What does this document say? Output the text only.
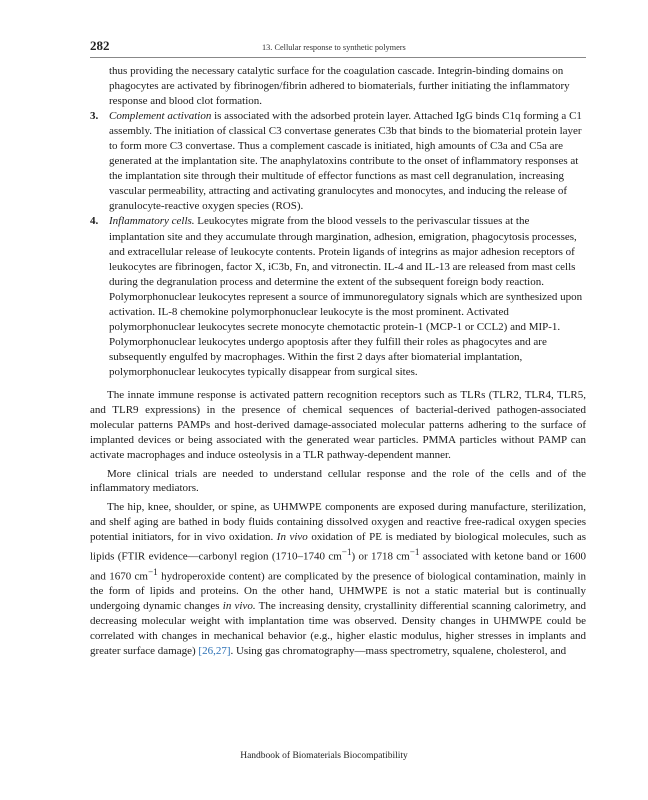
282	13. Cellular response to synthetic polymers
thus providing the necessary catalytic surface for the coagulation cascade. Integrin-binding domains on phagocytes are activated by fibrinogen/fibrin adhered to biomaterials, further initiating the inflammatory response and blood clot formation.
3. Complement activation is associated with the adsorbed protein layer. Attached IgG binds C1q forming a C1 assembly. The initiation of classical C3 convertase generates C3b that binds to the biomaterial protein layer to form more C3 convertase. Thus a complement cascade is initiated, high amounts of C3a and C5a are generated at the implantation site. The anaphylatoxins contribute to the onset of inflammatory responses at the implantation site through their multitude of effector functions as mast cell degranulation, increasing vascular permeability, attracting and activating granulocytes and monocytes, and inducing the release of granulocyte-reactive oxygen species (ROS).
4. Inflammatory cells. Leukocytes migrate from the blood vessels to the perivascular tissues at the implantation site and they accumulate through margination, adhesion, emigration, phagocytosis processes, and extracellular release of leukocyte contents. Protein ligands of integrins as major adhesion receptors of leukocytes are fibrinogen, factor X, iC3b, Fn, and vitronectin. IL-4 and IL-13 are released from mast cells during the degranulation process and determine the extent of the subsequent foreign body reaction. Polymorphonuclear leukocytes represent a source of immunoregulatory signals which are synthesized upon activation. IL-8 chemokine polymorphonuclear leukocyte is the most prominent. Activated polymorphonuclear leukocytes secrete monocyte chemotactic protein-1 (MCP-1 or CCL2) and MIP-1. Polymorphonuclear leukocytes undergo apoptosis after they fulfill their roles as phagocytes and are subsequently engulfed by macrophages. Within the first 2 days after biomaterial implantation, polymorphonuclear leukocytes typically disappear from surgical sites.

The innate immune response is activated pattern recognition receptors such as TLRs (TLR2, TLR4, TLR5, and TLR9 expressions) in the presence of chemical sequences of bacterial-derived pathogen-associated molecular patterns PAMPs and host-derived damage-associated molecular patterns adhering to the surface of implanted devices or being associated with the generated wear particles. PMMA particles without PAMP can activate macrophages and induce osteolysis in a TLR pathway-dependent manner.

More clinical trials are needed to understand cellular response and the role of the cells and of the inflammatory mediators.

The hip, knee, shoulder, or spine, as UHMWPE components are exposed during manufacture, sterilization, and shelf aging are bathed in body fluids containing dissolved oxygen and reactive free-radical oxygen species potential initiators, for in vivo oxidation. In vivo oxidation of PE is mediated by biological molecules, such as lipids (FTIR evidence—carbonyl region (1710–1740 $cm^{-1}$) or 1718 $cm^{-1}$ associated with ketone band or 1600 and 1670 $cm^{-1}$ hydroperoxide content) are complicated by the presence of biological contamination, mainly in the form of lipids and proteins. On the other hand, UHMWPE is not a static material but is continually undergoing dynamic changes in vivo. The increasing density, crystallinity differential scanning calorimetry, and decreasing molecular weight with implantation time was observed. Density changes in UHMWPE could be correlated with changes in mechanical behavior (e.g., higher elastic modulus, higher stresses in implants and greater surface damage) [26,27]. Using gas chromatography—mass spectrometry, squalene, cholesterol, and

Handbook of Biomaterials Biocompatibility
